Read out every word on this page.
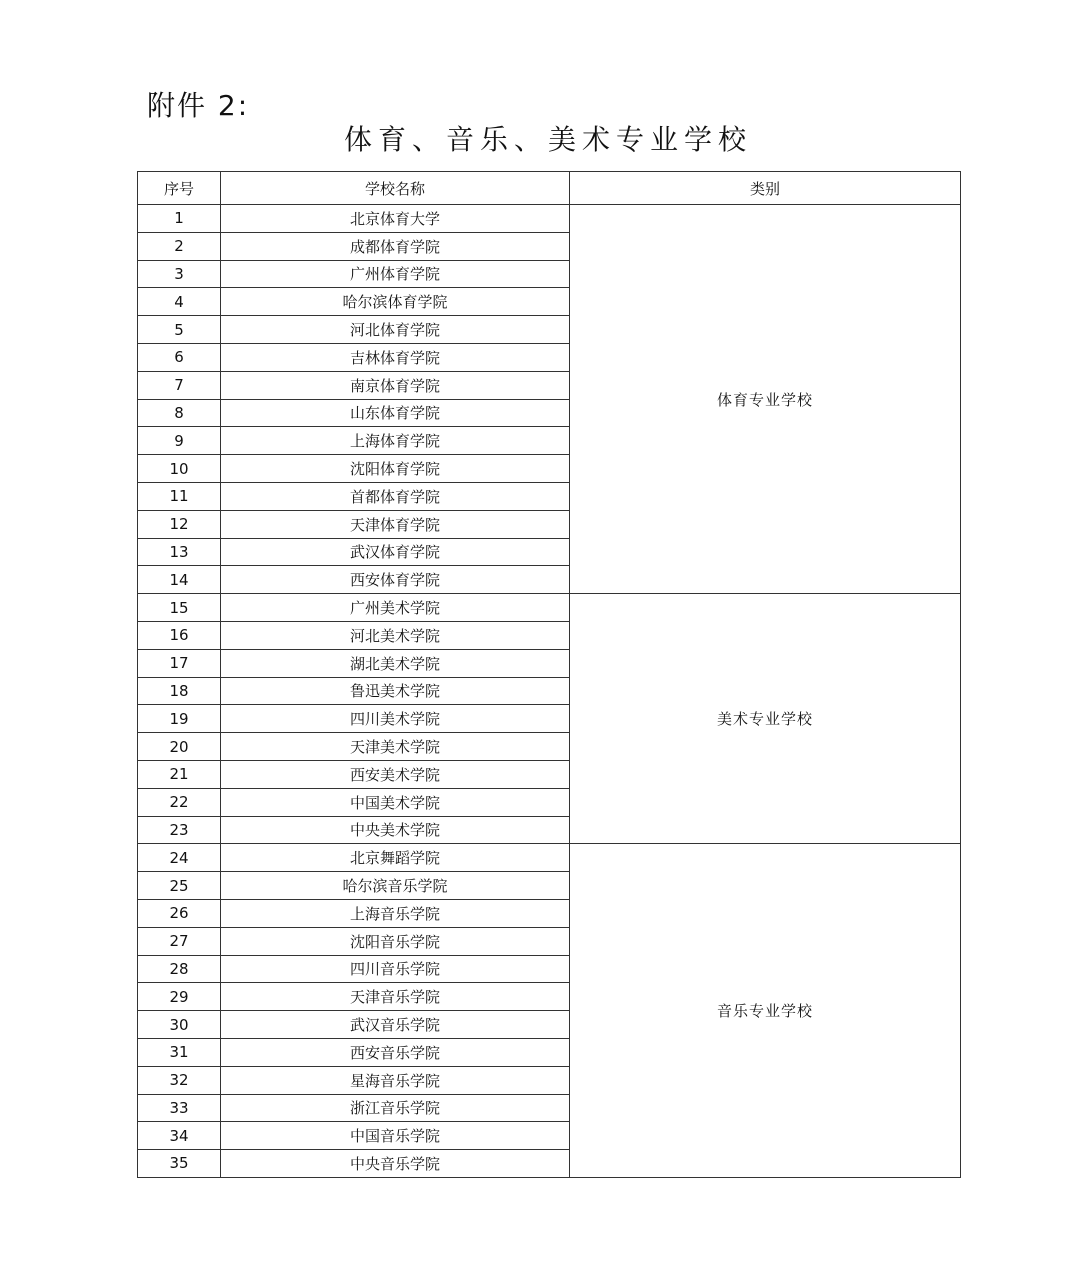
附件 2:
体育、音乐、美术专业学校
序号	学校名称	类别
1	北京体育大学	体育专业学校
2	成都体育学院	
3	广州体育学院	
4	哈尔滨体育学院	
5	河北体育学院	
6	吉林体育学院	
7	南京体育学院	
8	山东体育学院	
9	上海体育学院	
10	沈阳体育学院	
11	首都体育学院	
12	天津体育学院	
13	武汉体育学院	
14	西安体育学院	
15	广州美术学院	美术专业学校
16	河北美术学院	
17	湖北美术学院	
18	鲁迅美术学院	
19	四川美术学院	
20	天津美术学院	
21	西安美术学院	
22	中国美术学院	
23	中央美术学院	
24	北京舞蹈学院	音乐专业学校
25	哈尔滨音乐学院	
26	上海音乐学院	
27	沈阳音乐学院	
28	四川音乐学院	
29	天津音乐学院	
30	武汉音乐学院	
31	西安音乐学院	
32	星海音乐学院	
33	浙江音乐学院	
34	中国音乐学院	
35	中央音乐学院	
